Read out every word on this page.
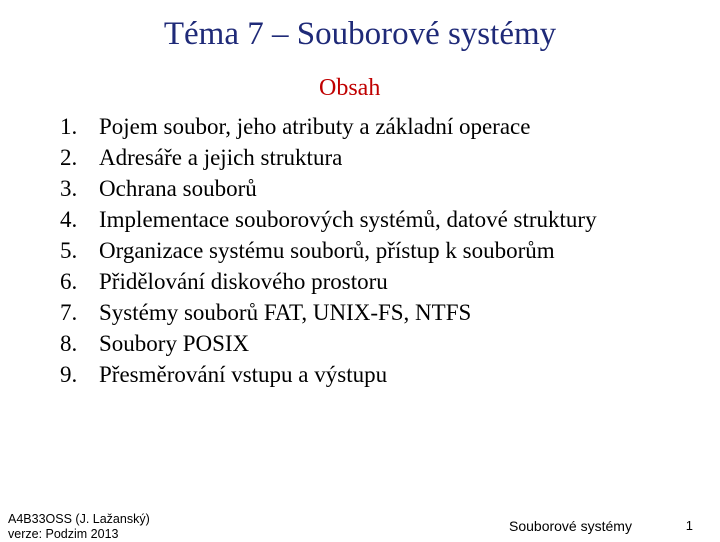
Téma 7 – Souborové systémy
Obsah
1. Pojem soubor, jeho atributy a základní operace
2. Adresáře a jejich struktura
3. Ochrana souborů
4. Implementace souborových systémů, datové struktury
5. Organizace systému souborů, přístup k souborům
6. Přidělování diskového prostoru
7. Systémy souborů FAT, UNIX-FS, NTFS
8. Soubory POSIX
9. Přesměrování vstupu a výstupu
A4B33OSS (J. Lažanský)
verze: Podzim 2013	Souborové systémy	1
